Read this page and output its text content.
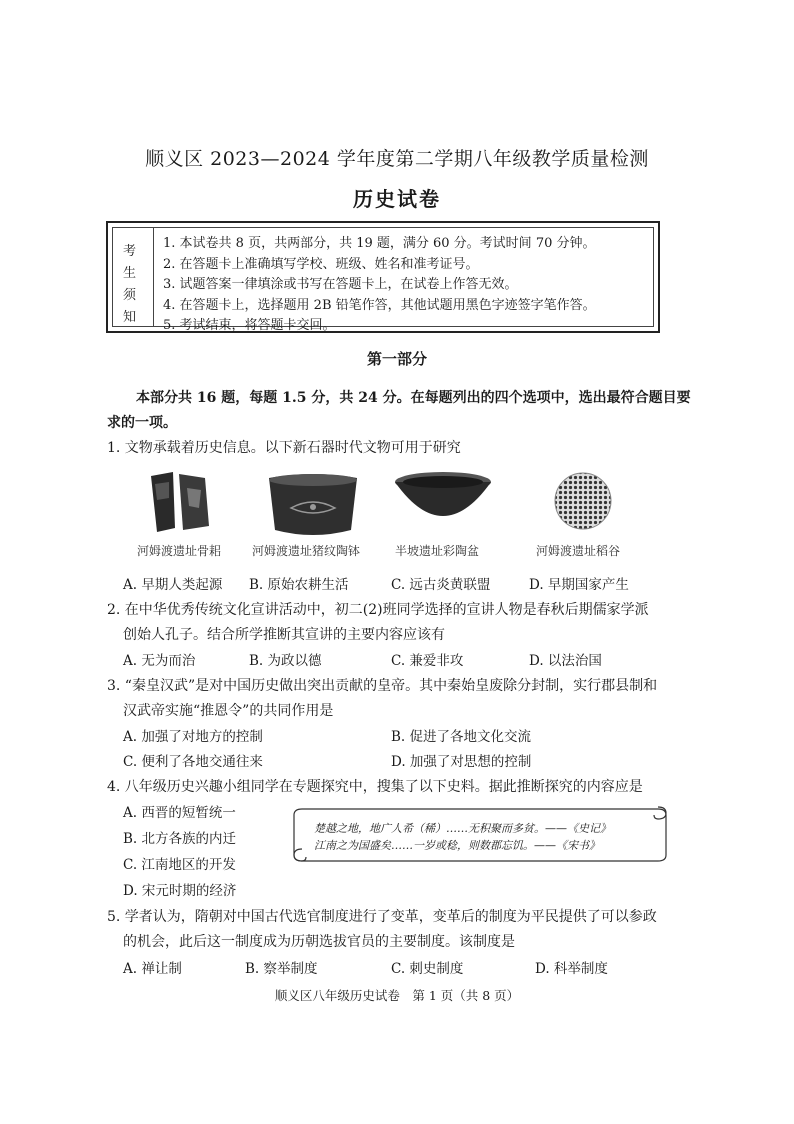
顺义区 2023—2024 学年度第二学期八年级教学质量检测
历史试卷
考
生
须
知
1. 本试卷共 8 页，共两部分，共 19 题，满分 60 分。考试时间 70 分钟。
2. 在答题卡上准确填写学校、班级、姓名和准考证号。
3. 试题答案一律填涂或书写在答题卡上，在试卷上作答无效。
4. 在答题卡上，选择题用 2B 铅笔作答，其他试题用黑色字迹签字笔作答。
5. 考试结束，将答题卡交回。
第一部分
本部分共 16 题，每题 1.5 分，共 24 分。在每题列出的四个选项中，选出最符合题目要
求的一项。
1. 文物承载着历史信息。以下新石器时代文物可用于研究
河姆渡遗址骨耜	河姆渡遗址猪纹陶钵	半坡遗址彩陶盆	河姆渡遗址稻谷
A. 早期人类起源 B. 原始农耕生活	C. 远古炎黄联盟	D. 早期国家产生
2. 在中华优秀传统文化宣讲活动中，初二(2)班同学选择的宣讲人物是春秋后期儒家学派
创始人孔子。结合所学推断其宣讲的主要内容应该有
A. 无为而治	B. 为政以德	C. 兼爱非攻	D. 以法治国
3. “秦皇汉武”是对中国历史做出突出贡献的皇帝。其中秦始皇废除分封制，实行郡县制和
汉武帝实施“推恩令”的共同作用是
A. 加强了对地方的控制	B. 促进了各地文化交流
C. 便利了各地交通往来	D. 加强了对思想的控制
4. 八年级历史兴趣小组同学在专题探究中，搜集了以下史料。据此推断探究的内容应是
A. 西晋的短暂统一
B. 北方各族的内迁
C. 江南地区的开发
D. 宋元时期的经济
楚越之地，地广人希（稀）……无积聚而多贫。——《史记》
江南之为国盛矣……一岁或稔，则数郡忘饥。——《宋书》
5. 学者认为，隋朝对中国古代选官制度进行了变革，变革后的制度为平民提供了可以参政
的机会，此后这一制度成为历朝选拔官员的主要制度。该制度是
A. 禅让制	B. 察举制度	C. 刺史制度	D. 科举制度
顺义区八年级历史试卷　第 1 页（共 8 页）
